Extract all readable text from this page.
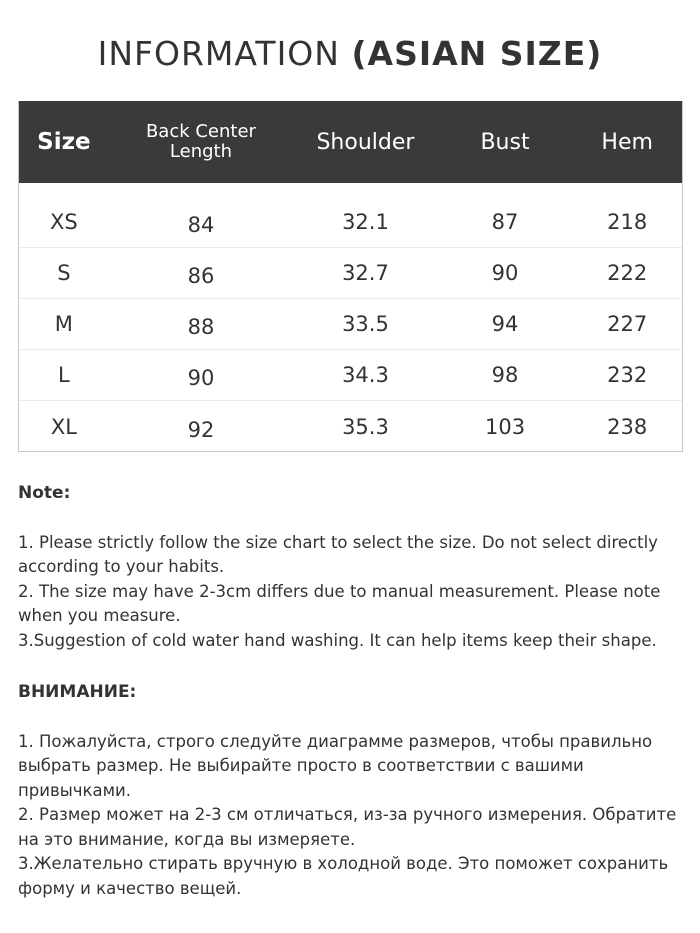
INFORMATION (ASIAN SIZE)
Size	Back Center Length	Shoulder	Bust	Hem
XS	84	32.1	87	218
S	86	32.7	90	222
M	88	33.5	94	227
L	90	34.3	98	232
XL	92	35.3	103	238
Note:
1. Please strictly follow the size chart to select the size. Do not select directly according to your habits.
2. The size may have 2-3cm differs due to manual measurement. Please note when you measure.
3.Suggestion of cold water hand washing. It can help items keep their shape.
ВНИМАНИЕ:
1. Пожалуйста, строго следуйте диаграмме размеров, чтобы правильно выбрать размер. Не выбирайте просто в соответствии с вашими привычками.
2. Размер может на 2-3 см отличаться, из-за ручного измерения. Обратите на это внимание, когда вы измеряете.
3.Желательно стирать вручную в холодной воде. Это поможет сохранить форму и качество вещей.
